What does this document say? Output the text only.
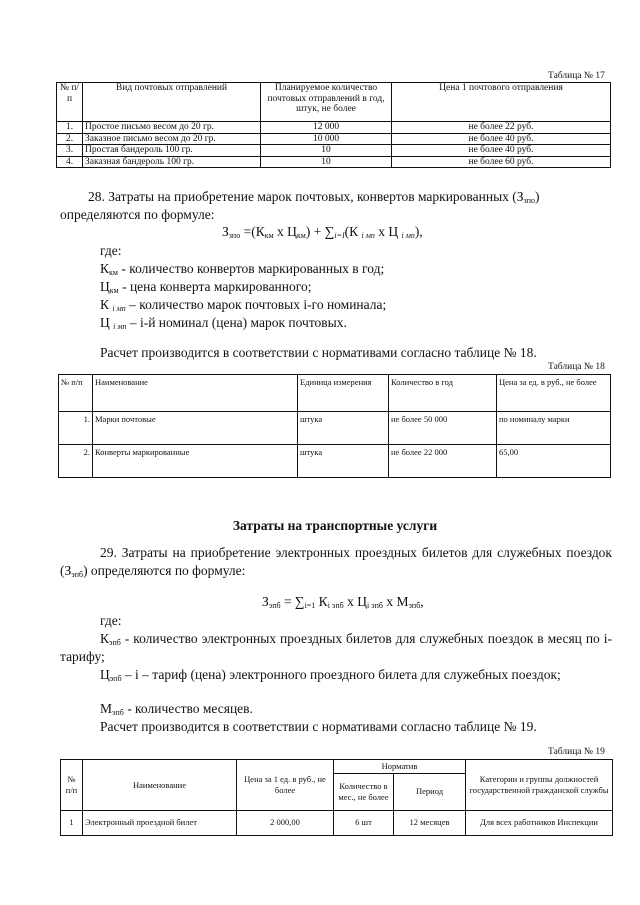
Таблица № 17
№ п/п	Вид почтовых отправлений	Планируемое количество почтовых отправлений в год, штук, не более	Цена 1 почтового отправления
1.	Простое письмо весом до 20 гр.	12 000	не более 22 руб.
2.	Заказное письмо весом до 20 гр.	10 000	не более 40 руб.
3.	Простая бандероль 100 гр.	10	не более 40 руб.
4.	Заказная бандероль 100 гр.	10	не более 60 руб.
28. Затраты на приобретение марок почтовых, конвертов маркированных $(З_{зпо})$
определяются по формуле:
$З_{зпо} =(К_{км}$ х $Ц_{км}) + \sum_{i=I}(К$ $_{i мп}$ х Ц $_{i мп}$),
где:
$К_{км}$ - количество конвертов маркированных в год;
$Ц_{км}$ - цена конверта маркированного;
К $_{i мп}$ – количество марок почтовых i-го номинала;
Ц $_{i мп}$ – i-й номинал (цена) марок почтовых.
Расчет производится в соответствии с нормативами согласно таблице № 18.
Таблица № 18
№ п/п	Наименование	Единица измерения	Количество в год	Цена за ед. в руб., не более
1.	Марки почтовые	штука	не более 50 000	по номиналу марки
2.	Конверты маркированные	штука	не более 22 000	65,00
Затраты на транспортные услуги
29. Затраты на приобретение электронных проездных билетов для служебных поездок $(З_{эпб})$ определяются по формуле:
$З_{эпб} = \sum_{i=1}$ $К_{i эпб}$ х $Ц_{i эпб}$ х $М_{эпб}$,
где:
$К_{эпб}$ - количество электронных проездных билетов для служебных поездок в месяц по i-тарифу;
$Ц_{эпб}$ – i – тариф (цена) электронного проездного билета для служебных поездок;
$М_{эпб}$ - количество месяцев.
Расчет производится в соответствии с нормативами согласно таблице № 19.
Таблица № 19
№ п/п	Наименование	Цена за 1 ед. в руб., не более	Норматив		Категории и группы должностей государственной гражданской службы
			Количество в мес., не более	Период	
1	Электронный проездной билет	2 000,00	6 шт	12 месяцев	Для всех работников Инспекции
